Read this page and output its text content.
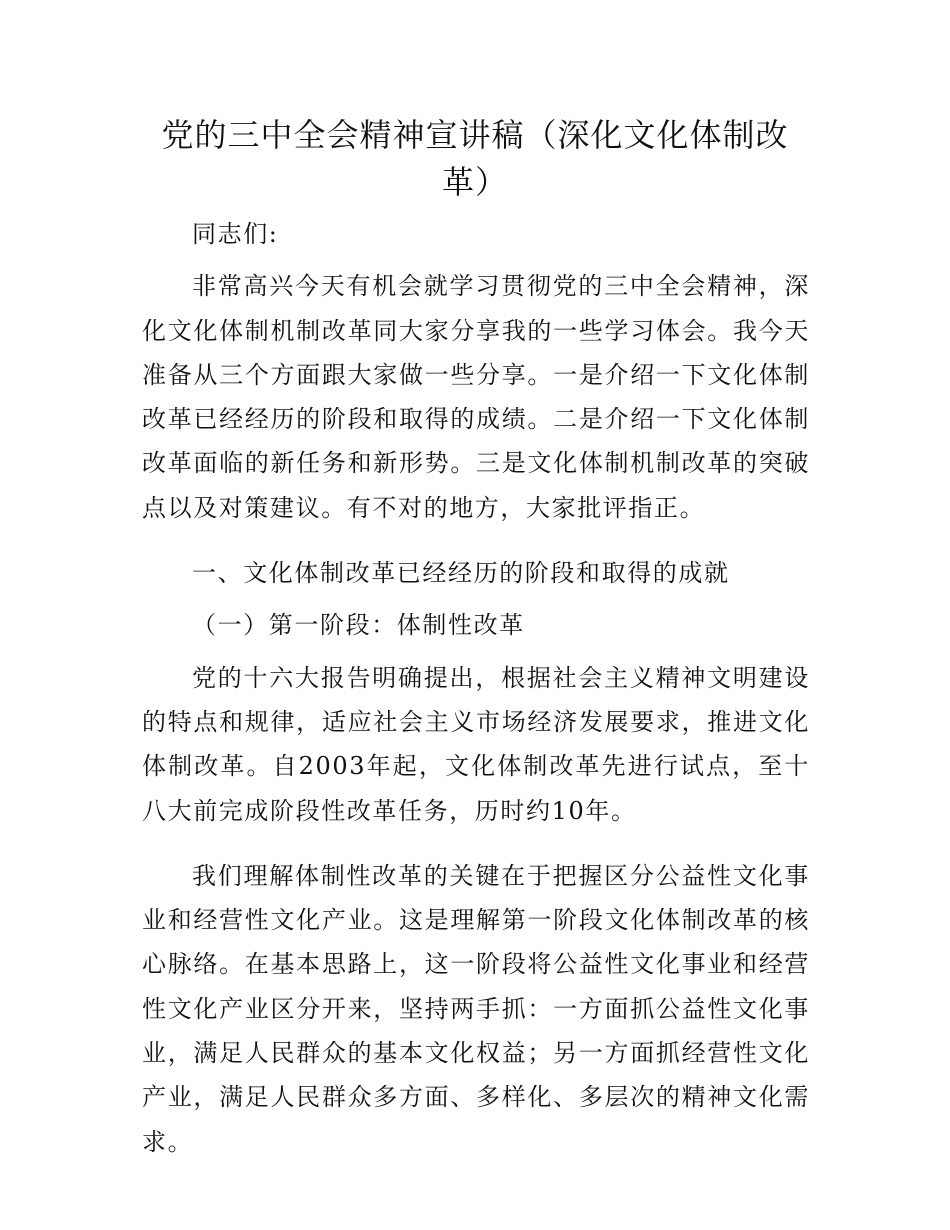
党的三中全会精神宣讲稿（深化文化体制改革）

同志们:

非常高兴今天有机会就学习贯彻党的三中全会精神，深化文化体制机制改革同大家分享我的一些学习体会。我今天准备从三个方面跟大家做一些分享。一是介绍一下文化体制改革已经经历的阶段和取得的成绩。二是介绍一下文化体制改革面临的新任务和新形势。三是文化体制机制改革的突破点以及对策建议。有不对的地方，大家批评指正。

一、文化体制改革已经经历的阶段和取得的成就

（一）第一阶段：体制性改革

党的十六大报告明确提出，根据社会主义精神文明建设的特点和规律，适应社会主义市场经济发展要求，推进文化体制改革。自2003年起，文化体制改革先进行试点，至十八大前完成阶段性改革任务，历时约10年。

我们理解体制性改革的关键在于把握区分公益性文化事业和经营性文化产业。这是理解第一阶段文化体制改革的核心脉络。在基本思路上，这一阶段将公益性文化事业和经营性文化产业区分开来，坚持两手抓：一方面抓公益性文化事业，满足人民群众的基本文化权益；另一方面抓经营性文化产业，满足人民群众多方面、多样化、多层次的精神文化需求。
